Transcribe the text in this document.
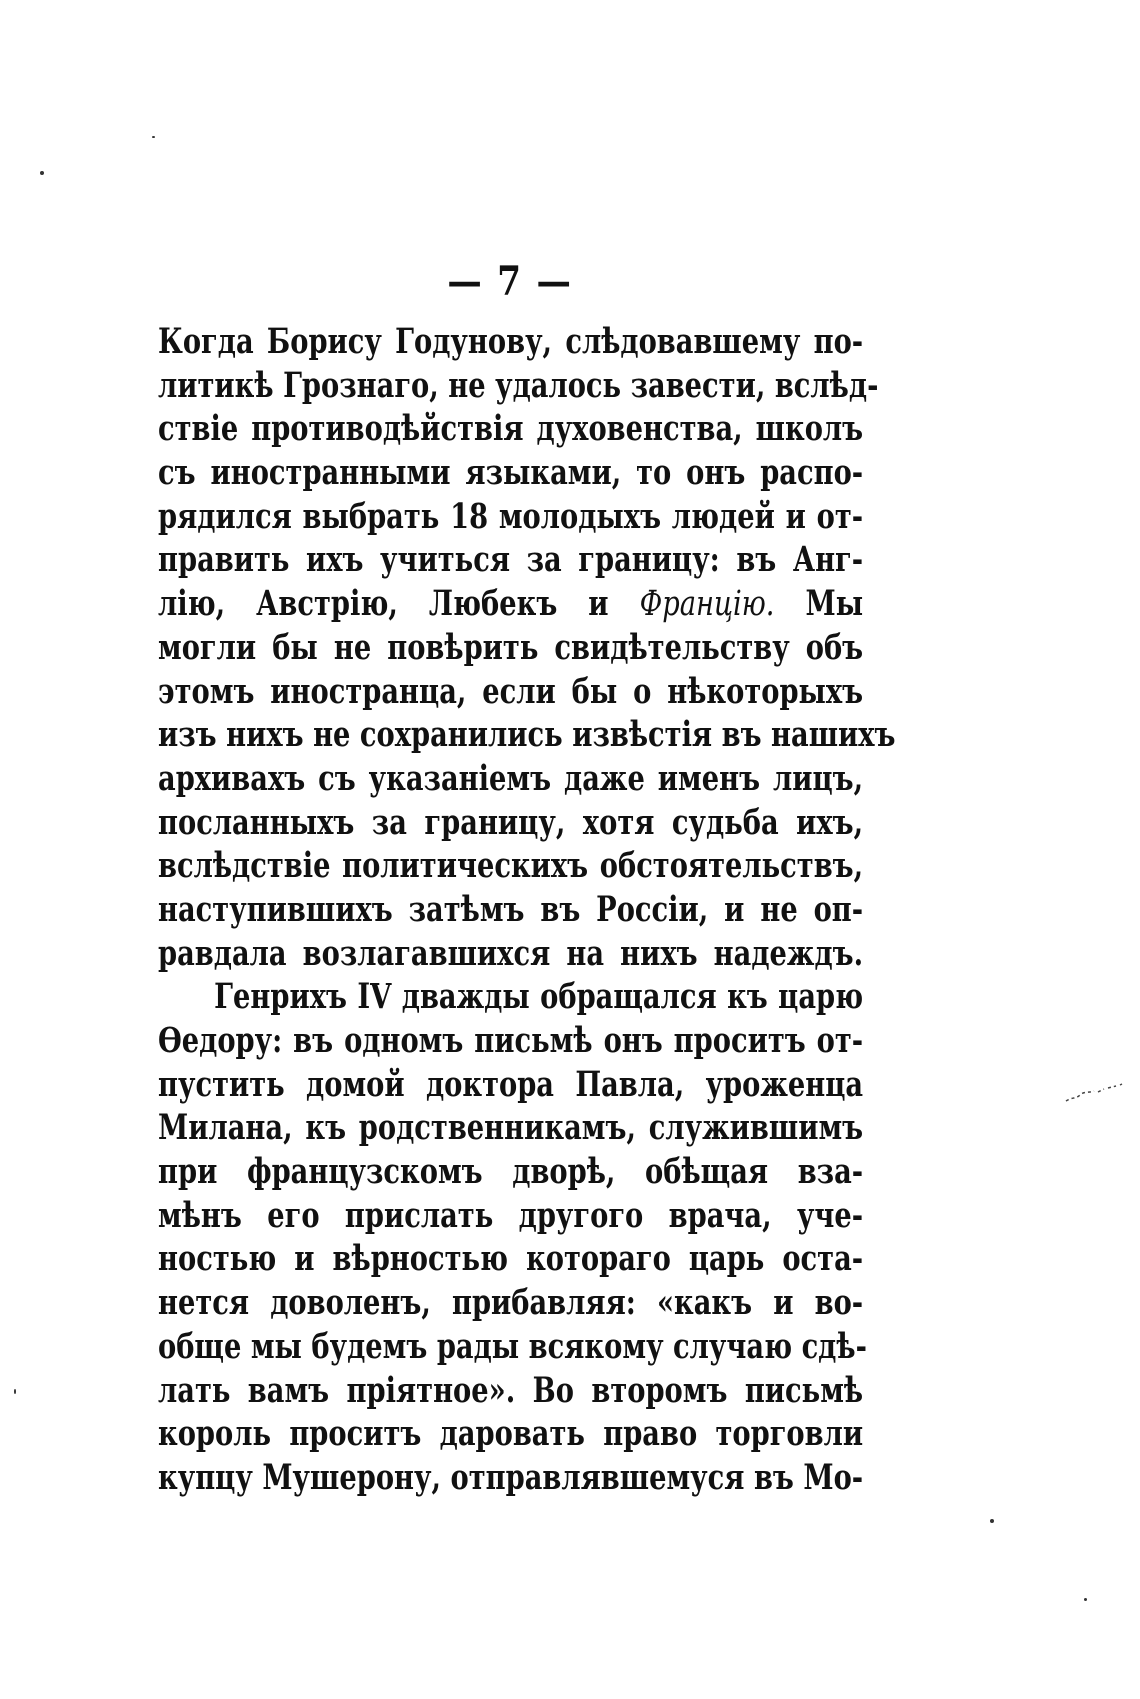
— 7 —
Когда Борису Годунову, слѣдовавшему по-
литикѣ Грознаго, не удалось завести, вслѣд-
ствіе противодѣйствія духовенства, школъ
съ иностранными языками, то онъ распо-
рядился выбрать 18 молодыхъ людей и от-
править ихъ учиться за границу: въ Анг-
лію, Австрію, Любекъ и Францію. Мы
могли бы не повѣрить свидѣтельству объ
этомъ иностранца, если бы о нѣкоторыхъ
изъ нихъ не сохранились извѣстія въ нашихъ
архивахъ съ указаніемъ даже именъ лицъ,
посланныхъ за границу, хотя судьба ихъ,
вслѣдствіе политическихъ обстоятельствъ,
наступившихъ затѣмъ въ Россіи, и не оп-
равдала возлагавшихся на нихъ надеждъ.
Генрихъ IV дважды обращался къ царю
Ѳедору: въ одномъ письмѣ онъ проситъ от-
пустить домой доктора Павла, уроженца
Милана, къ родственникамъ, служившимъ
при французскомъ дворѣ, обѣщая вза-
мѣнъ его прислать другого врача, уче-
ностью и вѣрностью котораго царь оста-
нется доволенъ, прибавляя: «какъ и во-
обще мы будемъ рады всякому случаю сдѣ-
лать вамъ пріятное». Во второмъ письмѣ
король проситъ даровать право торговли
купцу Мушерону, отправлявшемуся въ Мо-
